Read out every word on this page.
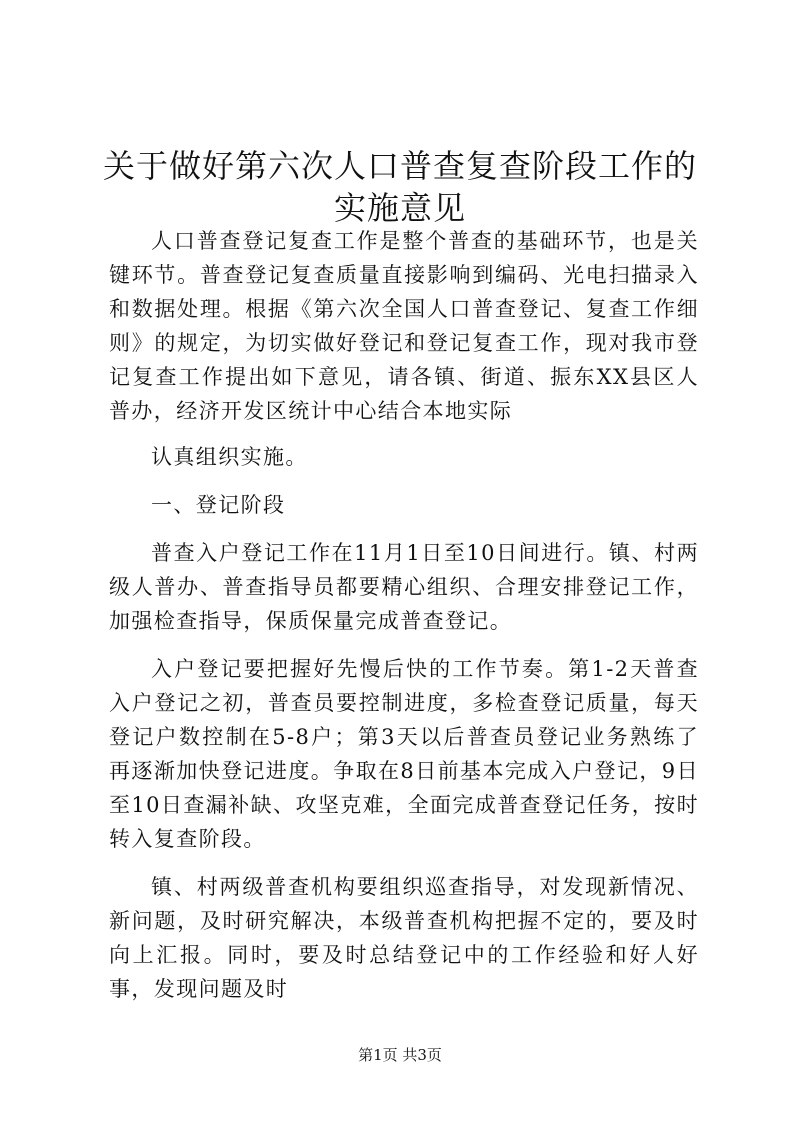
关于做好第六次人口普查复查阶段工作的实施意见

人口普查登记复查工作是整个普查的基础环节，也是关键环节。普查登记复查质量直接影响到编码、光电扫描录入和数据处理。根据《第六次全国人口普查登记、复查工作细则》的规定，为切实做好登记和登记复查工作，现对我市登记复查工作提出如下意见，请各镇、街道、振东XX县区人普办，经济开发区统计中心结合本地实际

认真组织实施。

一、登记阶段

普查入户登记工作在11月1日至10日间进行。镇、村两级人普办、普查指导员都要精心组织、合理安排登记工作，加强检查指导，保质保量完成普查登记。

入户登记要把握好先慢后快的工作节奏。第1-2天普查入户登记之初，普查员要控制进度，多检查登记质量，每天登记户数控制在5-8户；第3天以后普查员登记业务熟练了再逐渐加快登记进度。争取在8日前基本完成入户登记，9日至10日查漏补缺、攻坚克难，全面完成普查登记任务，按时转入复查阶段。

镇、村两级普查机构要组织巡查指导，对发现新情况、新问题，及时研究解决，本级普查机构把握不定的，要及时向上汇报。同时，要及时总结登记中的工作经验和好人好事，发现问题及时

第1页 共3页
